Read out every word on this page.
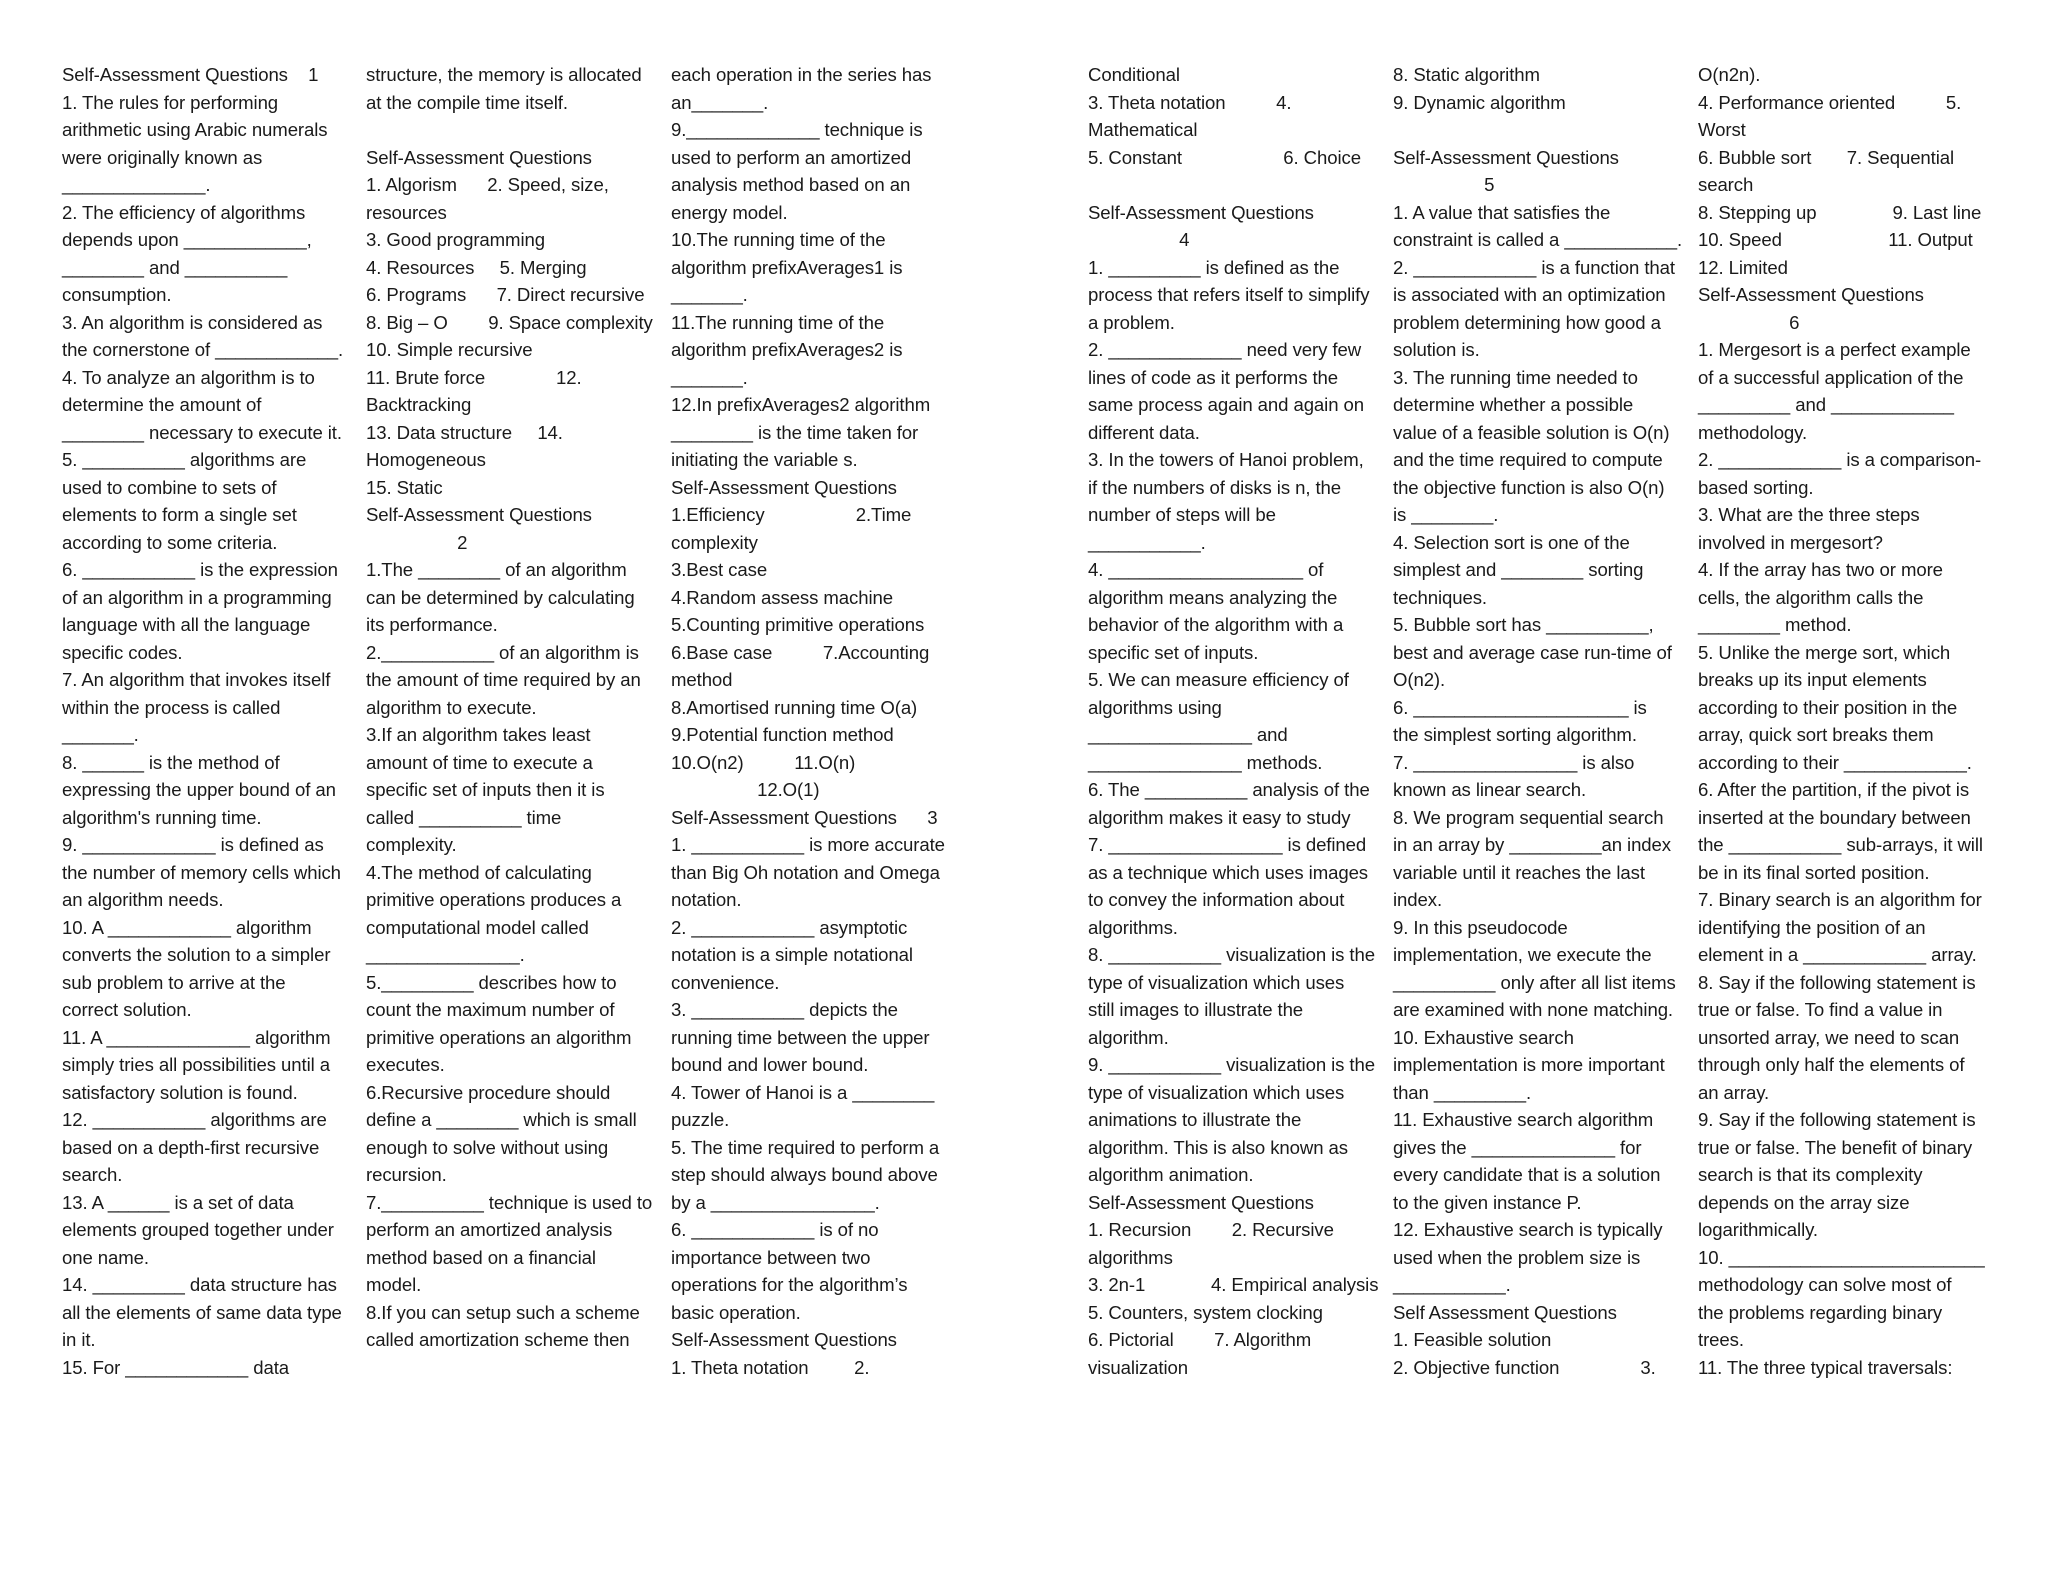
Self-Assessment Questions    1
1. The rules for performing
arithmetic using Arabic numerals
were originally known as
______________.
2. The efficiency of algorithms
depends upon ____________,
________ and __________
consumption.
3. An algorithm is considered as
the cornerstone of ____________.
4. To analyze an algorithm is to
determine the amount of
________ necessary to execute it.
5. __________ algorithms are
used to combine to sets of
elements to form a single set
according to some criteria.
6. ___________ is the expression
of an algorithm in a programming
language with all the language
specific codes.
7. An algorithm that invokes itself
within the process is called
_______.
8. ______ is the method of
expressing the upper bound of an
algorithm's running time.
9. _____________ is defined as
the number of memory cells which
an algorithm needs.
10. A ____________ algorithm
converts the solution to a simpler
sub problem to arrive at the
correct solution.
11. A ______________ algorithm
simply tries all possibilities until a
satisfactory solution is found.
12. ___________ algorithms are
based on a depth-first recursive
search.
13. A ______ is a set of data
elements grouped together under
one name.
14. _________ data structure has
all the elements of same data type
in it.
15. For ____________ data
structure, the memory is allocated
at the compile time itself.
Self-Assessment Questions
1. Algorism      2. Speed, size,
resources
3. Good programming
4. Resources     5. Merging
6. Programs      7. Direct recursive
8. Big – O        9. Space complexity
10. Simple recursive
11. Brute force              12.
Backtracking
13. Data structure     14.
Homogeneous
15. Static
Self-Assessment Questions
2
1.The ________ of an algorithm
can be determined by calculating
its performance.
2.___________ of an algorithm is
the amount of time required by an
algorithm to execute.
3.If an algorithm takes least
amount of time to execute a
specific set of inputs then it is
called __________ time
complexity.
4.The method of calculating
primitive operations produces a
computational model called
_______________.
5._________ describes how to
count the maximum number of
primitive operations an algorithm
executes.
6.Recursive procedure should
define a ________ which is small
enough to solve without using
recursion.
7.__________ technique is used to
perform an amortized analysis
method based on a financial
model.
8.If you can setup such a scheme
called amortization scheme then
each operation in the series has
an_______.
9._____________ technique is
used to perform an amortized
analysis method based on an
energy model.
10.The running time of the
algorithm prefixAverages1 is
_______.
11.The running time of the
algorithm prefixAverages2 is
_______.
12.In prefixAverages2 algorithm
________ is the time taken for
initiating the variable s.
Self-Assessment Questions
1.Efficiency                  2.Time
complexity
3.Best case
4.Random assess machine
5.Counting primitive operations
6.Base case          7.Accounting
method
8.Amortised running time O(a)
9.Potential function method
10.O(n2)          11.O(n)
12.O(1)
Self-Assessment Questions      3
1. ___________ is more accurate
than Big Oh notation and Omega
notation.
2. ____________ asymptotic
notation is a simple notational
convenience.
3. ___________ depicts the
running time between the upper
bound and lower bound.
4. Tower of Hanoi is a ________
puzzle.
5. The time required to perform a
step should always bound above
by a ________________.
6. ____________ is of no
importance between two
operations for the algorithm’s
basic operation.
Self-Assessment Questions
1. Theta notation         2.
Conditional
3. Theta notation          4.
Mathematical
5. Constant                    6. Choice
Self-Assessment Questions
4
1. _________ is defined as the
process that refers itself to simplify
a problem.
2. _____________ need very few
lines of code as it performs the
same process again and again on
different data.
3. In the towers of Hanoi problem,
if the numbers of disks is n, the
number of steps will be
___________.
4. ___________________ of
algorithm means analyzing the
behavior of the algorithm with a
specific set of inputs.
5. We can measure efficiency of
algorithms using
________________ and
_______________ methods.
6. The __________ analysis of the
algorithm makes it easy to study
7. _________________ is defined
as a technique which uses images
to convey the information about
algorithms.
8. ___________ visualization is the
type of visualization which uses
still images to illustrate the
algorithm.
9. ___________ visualization is the
type of visualization which uses
animations to illustrate the
algorithm. This is also known as
algorithm animation.
Self-Assessment Questions
1. Recursion        2. Recursive
algorithms
3. 2n-1             4. Empirical analysis
5. Counters, system clocking
6. Pictorial        7. Algorithm
visualization
8. Static algorithm
9. Dynamic algorithm
Self-Assessment Questions
5
1. A value that satisfies the
constraint is called a ___________.
2. ____________ is a function that
is associated with an optimization
problem determining how good a
solution is.
3. The running time needed to
determine whether a possible
value of a feasible solution is O(n)
and the time required to compute
the objective function is also O(n)
is ________.
4. Selection sort is one of the
simplest and ________ sorting
techniques.
5. Bubble sort has __________,
best and average case run-time of
O(n2).
6. _____________________ is
the simplest sorting algorithm.
7. ________________ is also
known as linear search.
8. We program sequential search
in an array by _________an index
variable until it reaches the last
index.
9. In this pseudocode
implementation, we execute the
__________ only after all list items
are examined with none matching.
10. Exhaustive search
implementation is more important
than _________.
11. Exhaustive search algorithm
gives the ______________ for
every candidate that is a solution
to the given instance P.
12. Exhaustive search is typically
used when the problem size is
___________.
Self Assessment Questions
1. Feasible solution
2. Objective function                3.
O(n2n).
4. Performance oriented          5.
Worst
6. Bubble sort       7. Sequential
search
8. Stepping up               9. Last line
10. Speed                     11. Output
12. Limited
Self-Assessment Questions
6
1. Mergesort is a perfect example
of a successful application of the
_________ and ____________
methodology.
2. ____________ is a comparison-
based sorting.
3. What are the three steps
involved in mergesort?
4. If the array has two or more
cells, the algorithm calls the
________ method.
5. Unlike the merge sort, which
breaks up its input elements
according to their position in the
array, quick sort breaks them
according to their ____________.
6. After the partition, if the pivot is
inserted at the boundary between
the ___________ sub-arrays, it will
be in its final sorted position.
7. Binary search is an algorithm for
identifying the position of an
element in a ____________ array.
8. Say if the following statement is
true or false. To find a value in
unsorted array, we need to scan
through only half the elements of
an array.
9. Say if the following statement is
true or false. The benefit of binary
search is that its complexity
depends on the array size
logarithmically.
10. _________________________
methodology can solve most of
the problems regarding binary
trees.
11. The three typical traversals:
